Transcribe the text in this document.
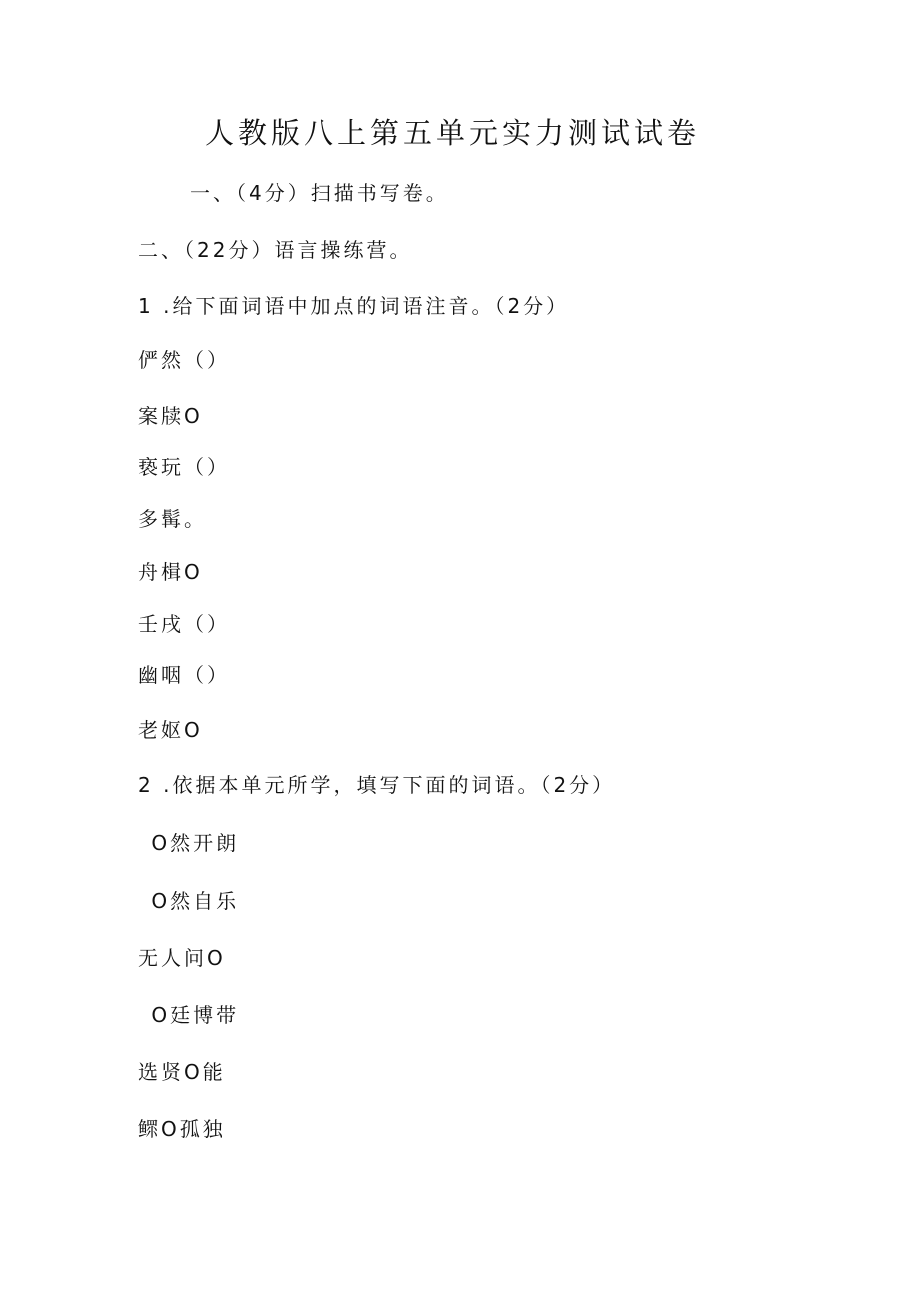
人教版八上第五单元实力测试试卷
一、（4分）扫描书写卷。
二、（22分）语言操练营。
1 .给下面词语中加点的词语注音。（2分）
俨然（）
案牍O
亵玩（）
多髯。
舟楫O
壬戌（）
幽咽（）
老妪O
2 .依据本单元所学，填写下面的词语。（2分）
O然开朗
O然自乐
无人问O
O廷博带
选贤O能
鳏O孤独
